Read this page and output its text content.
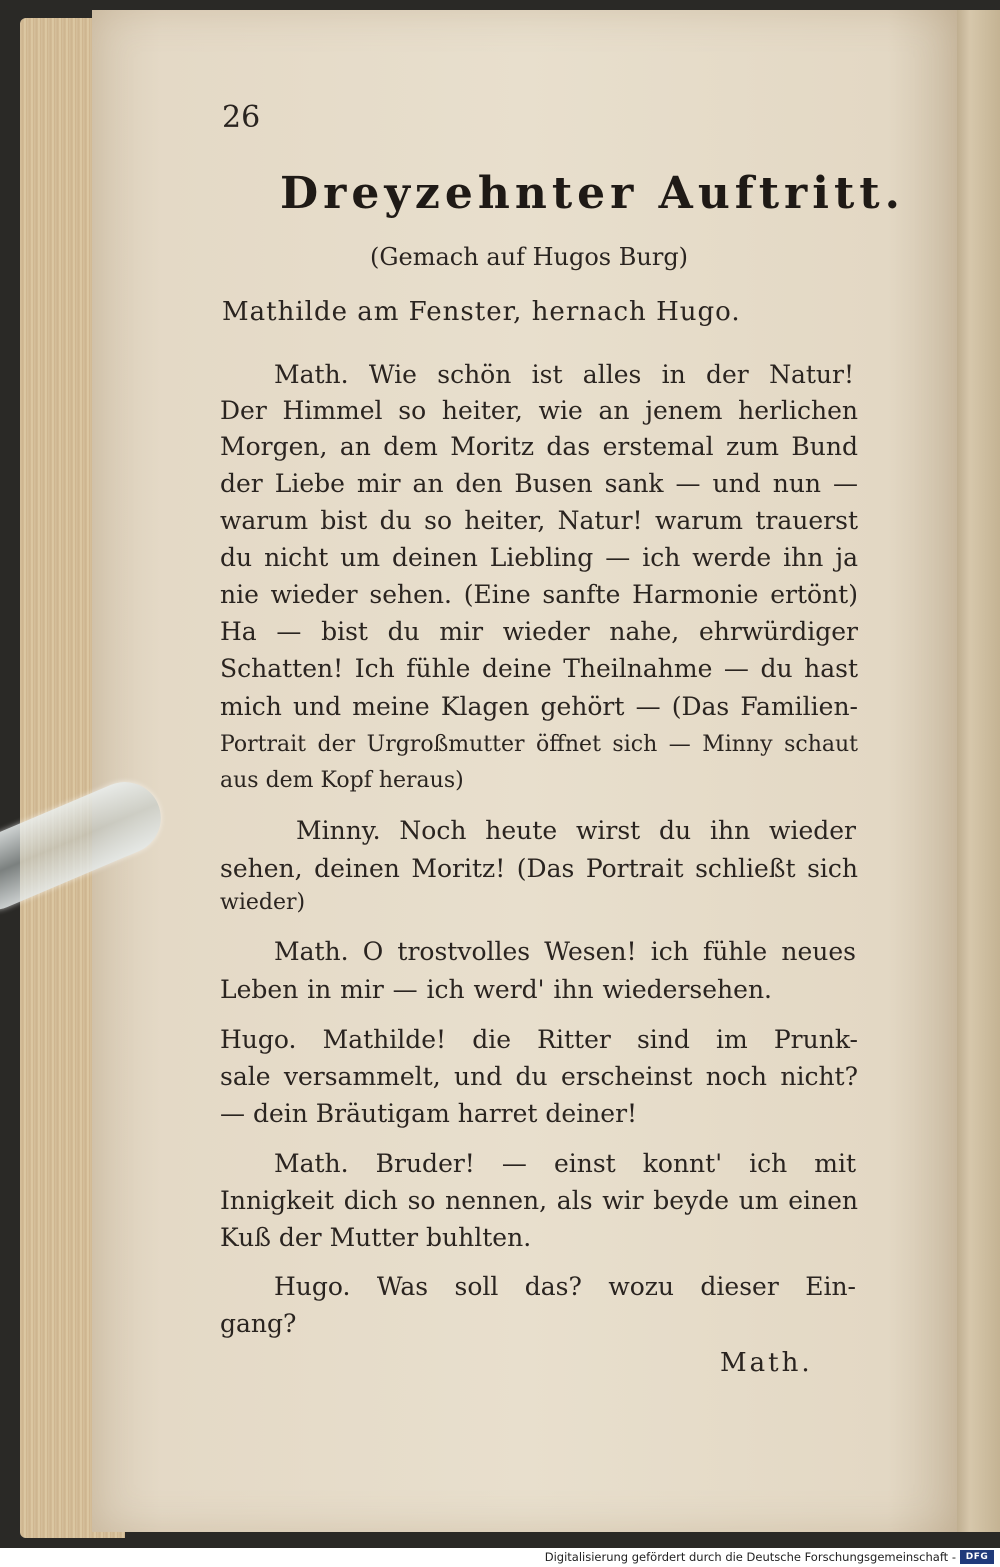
26
Dreyzehnter Auftritt.
(Gemach auf Hugos Burg)
Mathilde am Fenster, hernach Hugo.
Math. Wie schön ist alles in der Natur!
Der Himmel so heiter, wie an jenem herlichen
Morgen, an dem Moritz das erstemal zum Bund
der Liebe mir an den Busen sank — und nun —
warum bist du so heiter, Natur! warum trauerst
du nicht um deinen Liebling — ich werde ihn ja
nie wieder sehen. (Eine sanfte Harmonie ertönt)
Ha — bist du mir wieder nahe, ehrwürdiger
Schatten! Ich fühle deine Theilnahme — du hast
mich und meine Klagen gehört — (Das Familien-
Portrait der Urgroßmutter öffnet sich — Minny schaut
aus dem Kopf heraus)
Minny. Noch heute wirst du ihn wieder
sehen, deinen Moritz! (Das Portrait schließt sich
wieder)
Math. O trostvolles Wesen! ich fühle neues
Leben in mir — ich werd' ihn wiedersehen.
Hugo. Mathilde! die Ritter sind im Prunk-
sale versammelt, und du erscheinst noch nicht?
— dein Bräutigam harret deiner!
Math. Bruder! — einst konnt' ich mit
Innigkeit dich so nennen, als wir beyde um einen
Kuß der Mutter buhlten.
Hugo. Was soll das? wozu dieser Ein-
gang?
Math.
Digitalisierung gefördert durch die Deutsche Forschungsgemeinschaft -	DFG
